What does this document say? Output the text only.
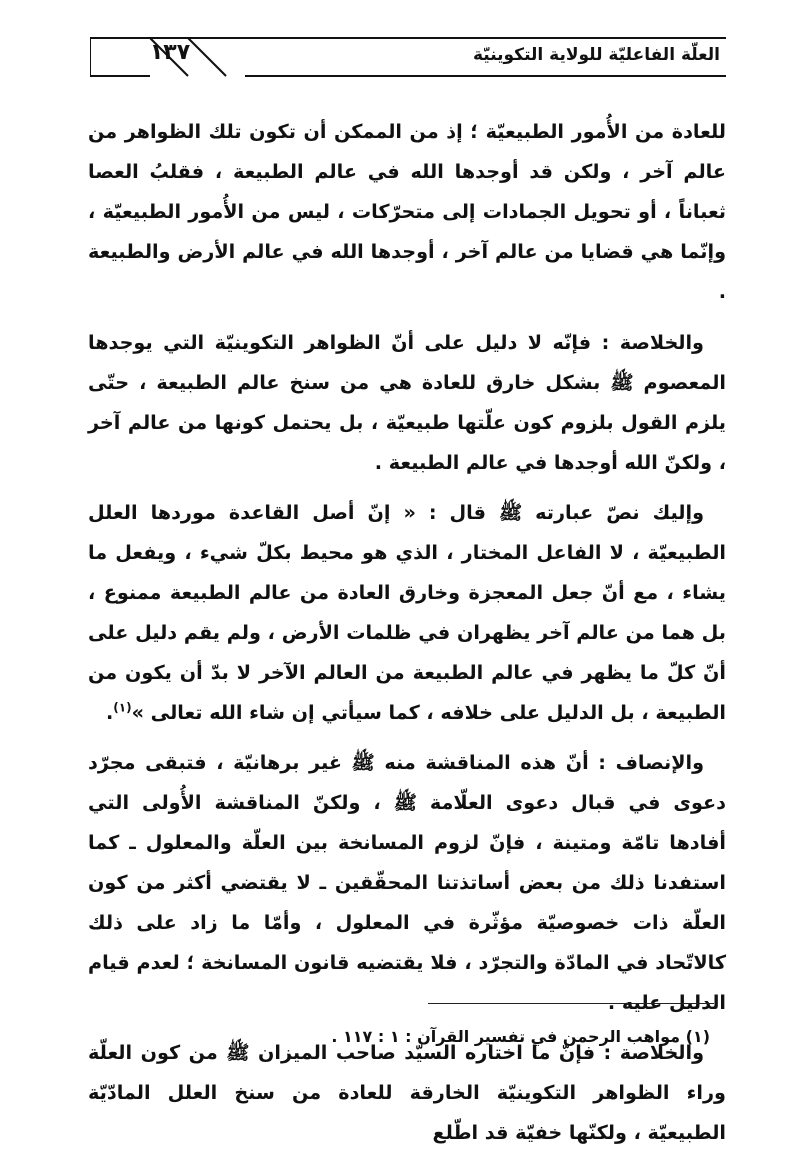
١٣٧	العلّة الفاعليّة للولاية التكوينيّة

للعادة من الأُمور الطبيعيّة ؛ إذ من الممكن أن تكون تلك الظواهر من عالم آخر ، ولكن قد أوجدها الله في عالم الطبيعة ، فقلبُ العصا ثعباناً ، أو تحويل الجمادات إلى متحرّكات ، ليس من الأُمور الطبيعيّة ، وإنّما هي قضايا من عالم آخر ، أوجدها الله في عالم الأرض والطبيعة .

والخلاصة : فإنّه لا دليل على أنّ الظواهر التكوينيّة التي يوجدها المعصوم ﷺ بشكل خارق للعادة هي من سنخ عالم الطبيعة ، حتّى يلزم القول بلزوم كون علّتها طبيعيّة ، بل يحتمل كونها من عالم آخر ، ولكنّ الله أوجدها في عالم الطبيعة .

وإليك نصّ عبارته ﷺ قال : « إنّ أصل القاعدة موردها العلل الطبيعيّة ، لا الفاعل المختار ، الذي هو محيط بكلّ شيء ، ويفعل ما يشاء ، مع أنّ جعل المعجزة وخارق العادة من عالم الطبيعة ممنوع ، بل هما من عالم آخر يظهران في ظلمات الأرض ، ولم يقم دليل على أنّ كلّ ما يظهر في عالم الطبيعة من العالم الآخر لا بدّ أن يكون من الطبيعة ، بل الدليل على خلافه ، كما سيأتي إن شاء الله تعالى »$^{(١)}$.

والإنصاف : أنّ هذه المناقشة منه ﷺ غير برهانيّة ، فتبقى مجرّد دعوى في قبال دعوى العلّامة ﷺ ، ولكنّ المناقشة الأُولى التي أفادها تامّة ومتينة ، فإنّ لزوم المسانخة بين العلّة والمعلول ـ كما استفدنا ذلك من بعض أساتذتنا المحقّقين ـ لا يقتضي أكثر من كون العلّة ذات خصوصيّة مؤثّرة في المعلول ، وأمّا ما زاد على ذلك كالاتّحاد في المادّة والتجرّد ، فلا يقتضيه قانون المسانخة ؛ لعدم قيام الدليل عليه .

والخلاصة : فإنّ ما اختاره السيّد صاحب الميزان ﷺ من كون العلّة وراء الظواهر التكوينيّة الخارقة للعادة من سنخ العلل المادّيّة الطبيعيّة ، ولكنّها خفيّة قد اطّلع

(١) مواهب الرحمن في تفسير القرآن : ١ : ١١٧ .
